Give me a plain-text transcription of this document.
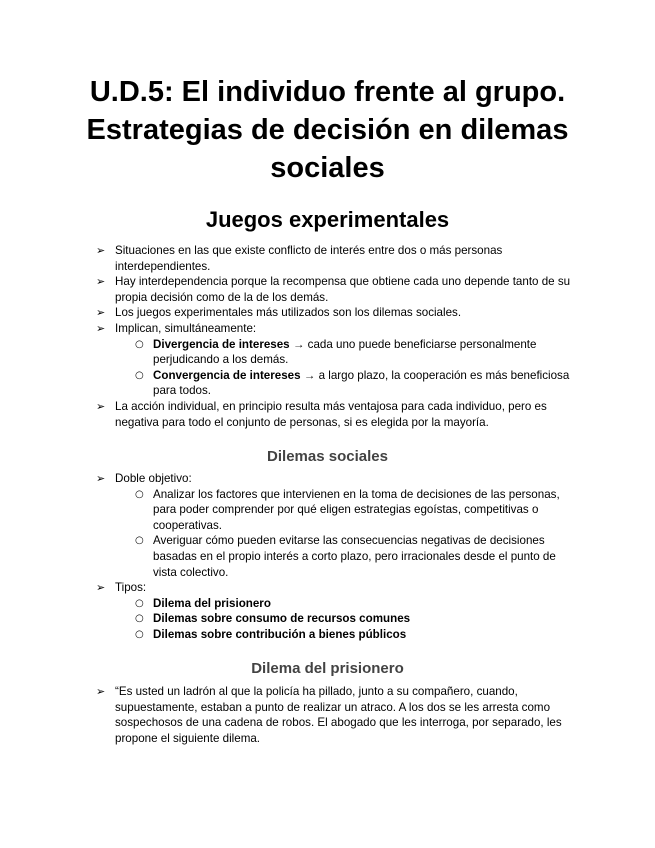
U.D.5: El individuo frente al grupo. Estrategias de decisión en dilemas sociales
Juegos experimentales
➢ Situaciones en las que existe conflicto de interés entre dos o más personas interdependientes.
➢ Hay interdependencia porque la recompensa que obtiene cada uno depende tanto de su propia decisión como de la de los demás.
➢ Los juegos experimentales más utilizados son los dilemas sociales.
➢ Implican, simultáneamente:
○ Divergencia de intereses → cada uno puede beneficiarse personalmente perjudicando a los demás.
○ Convergencia de intereses → a largo plazo, la cooperación es más beneficiosa para todos.
➢ La acción individual, en principio resulta más ventajosa para cada individuo, pero es negativa para todo el conjunto de personas, si es elegida por la mayoría.
Dilemas sociales
➢ Doble objetivo:
○ Analizar los factores que intervienen en la toma de decisiones de las personas, para poder comprender por qué eligen estrategias egoístas, competitivas o cooperativas.
○ Averiguar cómo pueden evitarse las consecuencias negativas de decisiones basadas en el propio interés a corto plazo, pero irracionales desde el punto de vista colectivo.
➢ Tipos:
○ Dilema del prisionero
○ Dilemas sobre consumo de recursos comunes
○ Dilemas sobre contribución a bienes públicos
Dilema del prisionero
➢ “Es usted un ladrón al que la policía ha pillado, junto a su compañero, cuando, supuestamente, estaban a punto de realizar un atraco. A los dos se les arresta como sospechosos de una cadena de robos. El abogado que les interroga, por separado, les propone el siguiente dilema.
